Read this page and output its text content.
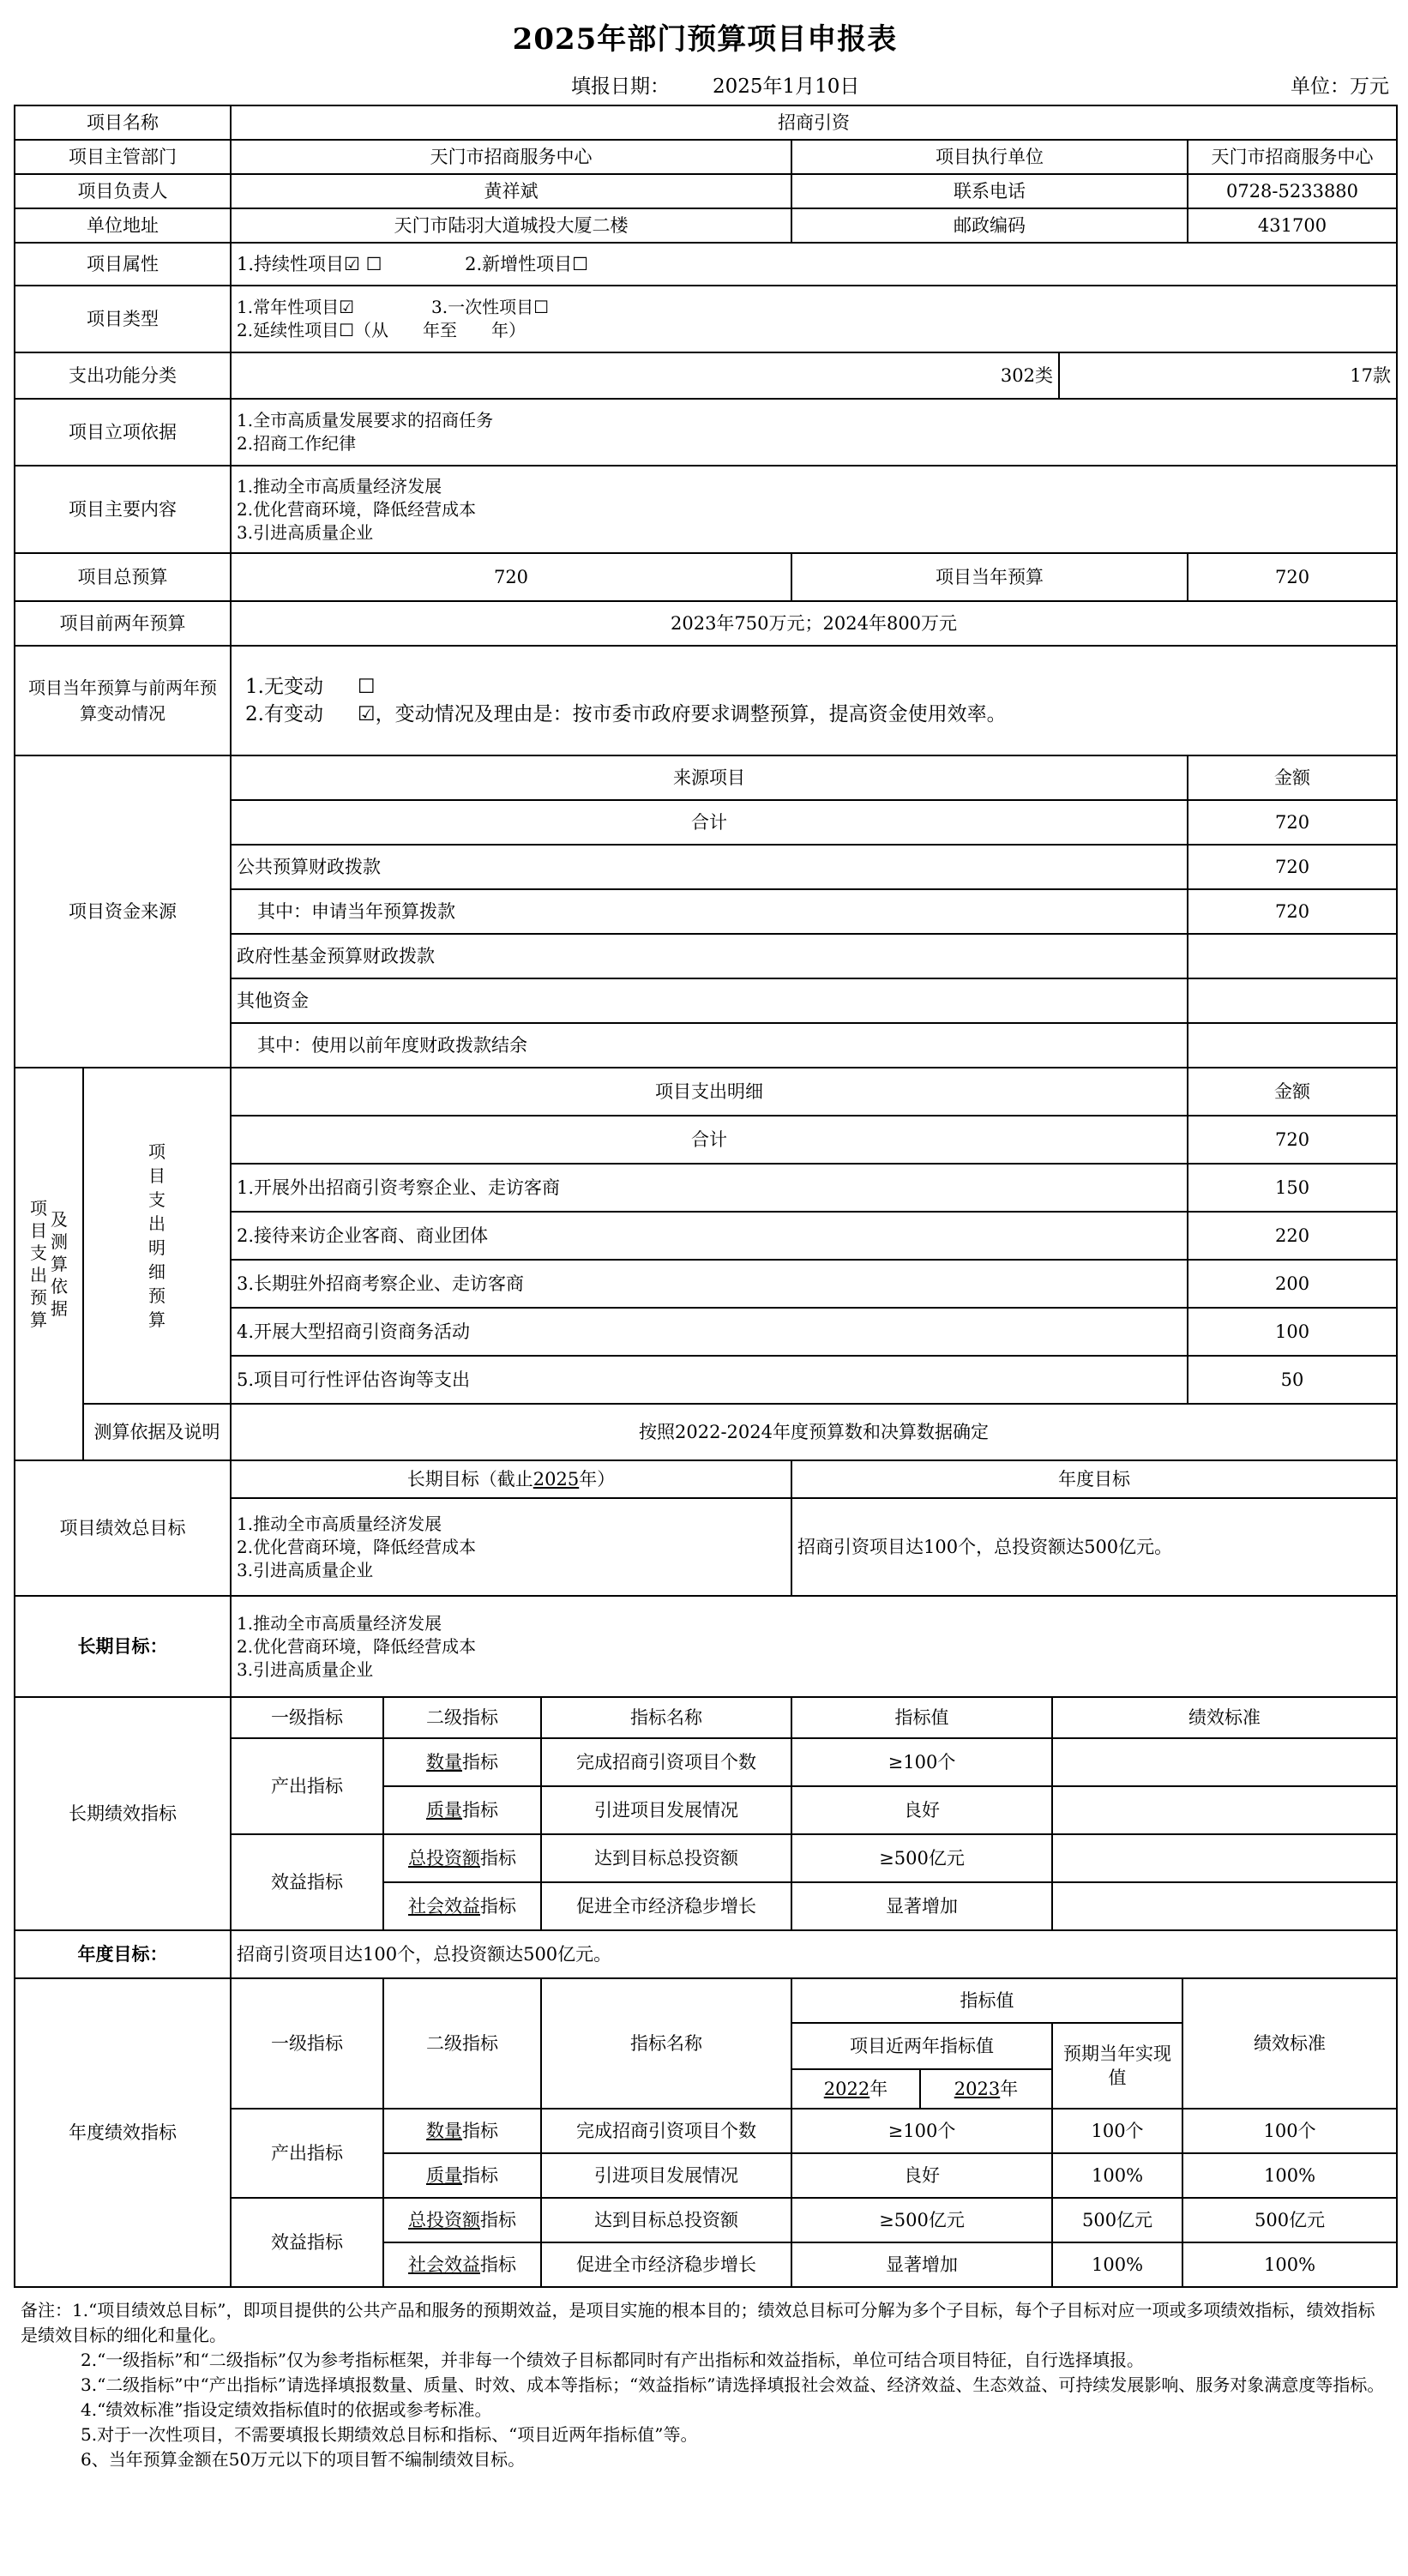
2025年部门预算项目申报表
填报日期： 2025年1月10日	单位：万元
项目名称		招商引资			
项目主管部门		天门市招商服务中心	项目执行单位		天门市招商服务中心
项目负责人		黄祥斌	联系电话		0728-5233880
单位地址		天门市陆羽大道城投大厦二楼	邮政编码		431700
项目属性		1.持续性项目☑ ☐ 2.新增性项目☐			
项目类型		1.常年性项目☑ 3.一次性项目☐
2.延续性项目☐（从 年至 年）			

支出功能分类		302类		17款	
项目立项依据		1.全市高质量发展要求的招商任务
2.招商工作纪律			

项目主要内容		1.推动全市高质量经济发展
2.优化营商环境，降低经营成本
3.引进高质量企业			

项目总预算		720	项目当年预算		720
项目前两年预算		2023年750万元；2024年800万元			
项目当年预算与前两年预算变动情况		1.无变动 ☐
2.有变动 ☑，变动情况及理由是：按市委市政府要求调整预算，提高资金使用效率。			

项目资金来源		来源项目			金额
		合计			720
		公共预算财政拨款			720
		其中：申请当年预算拨款			720
		政府性基金预算财政拨款			
		其他资金			
		其中：使用以前年度财政拨款结余			

项目支出预算
及测算依据	项目支出明细预算	项目支出明细			金额
		合计			720
		1.开展外出招商引资考察企业、走访客商			150
		2.接待来访企业客商、商业团体			220
		3.长期驻外招商考察企业、走访客商			200
		4.开展大型招商引资商务活动			100
		5.项目可行性评估咨询等支出			50
	测算依据及说明	按照2022-2024年度预算数和决算数据确定			
项目绩效总目标		长期目标（截止2025年）	年度目标		

		1.推动全市高质量经济发展
2.优化营商环境，降低经营成本
3.引进高质量企业	招商引资项目达100个，总投资额达500亿元。		
长期目标：		1.推动全市高质量经济发展
2.优化营商环境，降低经营成本
3.引进高质量企业			
长期绩效指标	一级指标	二级指标	指标名称	指标值	绩效标准
	产出指标	数量指标	完成招商引资项目个数	≥100个	
		质量指标	引进项目发展情况	良好	
	效益指标	总投资额指标	达到目标总投资额	≥500亿元	
		社会效益指标	促进全市经济稳步增长	显著增加	
年度目标：	招商引资项目达100个，总投资额达500亿元。				
年度绩效指标	一级指标	二级指标	指标名称	指标值			绩效标准
				项目近两年指标值		预期当年实现值	
				2022年	2023年		
	产出指标	数量指标	完成招商引资项目个数	≥100个		100个	100个
		质量指标	引进项目发展情况	良好		100%	100%
	效益指标	总投资额指标	达到目标总投资额	≥500亿元		500亿元	500亿元
		社会效益指标	促进全市经济稳步增长	显著增加		100%	100%

备注：1.“项目绩效总目标”，即项目提供的公共产品和服务的预期效益，是项目实施的根本目的；绩效总目标可分解为多个子目标，每个子目标对应一项或多项绩效指标，绩效指标是绩效目标的细化和量化。

2.“一级指标”和“二级指标”仅为参考指标框架，并非每一个绩效子目标都同时有产出指标和效益指标，单位可结合项目特征，自行选择填报。

3.“二级指标”中“产出指标”请选择填报数量、质量、时效、成本等指标；“效益指标”请选择填报社会效益、经济效益、生态效益、可持续发展影响、服务对象满意度等指标。

4.“绩效标准”指设定绩效指标值时的依据或参考标准。

5.对于一次性项目，不需要填报长期绩效总目标和指标、“项目近两年指标值”等。

6、当年预算金额在50万元以下的项目暂不编制绩效目标。
